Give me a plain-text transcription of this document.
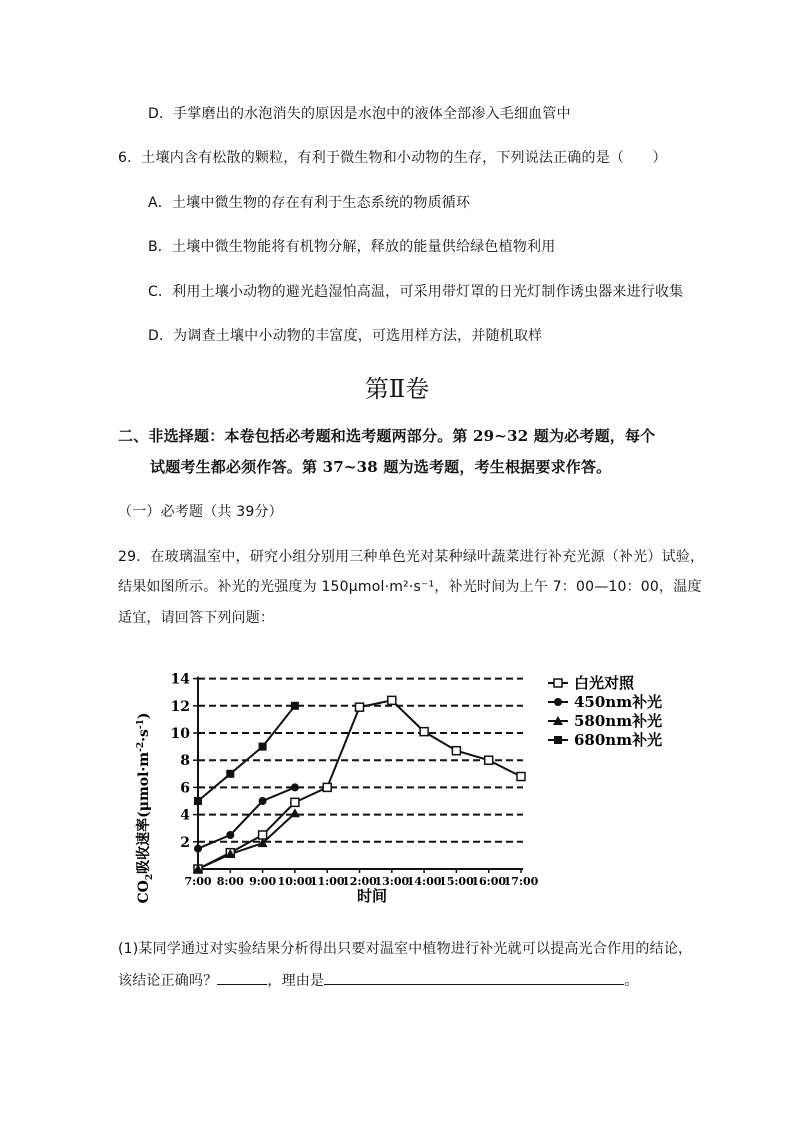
D．手掌磨出的水泡消失的原因是水泡中的液体全部渗入毛细血管中
6．土壤内含有松散的颗粒，有利于微生物和小动物的生存，下列说法正确的是（　　）
A．土壤中微生物的存在有利于生态系统的物质循环
B．土壤中微生物能将有机物分解，释放的能量供给绿色植物利用
C．利用土壤小动物的避光趋湿怕高温，可采用带灯罩的日光灯制作诱虫器来进行收集
D．为调查土壤中小动物的丰富度，可选用样方法，并随机取样
第Ⅱ卷
二、非选择题：本卷包括必考题和选考题两部分。第 29~32 题为必考题，每个
试题考生都必须作答。第 37~38 题为选考题，考生根据要求作答。
（一）必考题（共 39分）
29．在玻璃温室中，研究小组分别用三种单色光对某种绿叶蔬菜进行补充光源（补光）试验，
结果如图所示。补光的光强度为 150μmol·m²·s⁻¹，补光时间为上午 7：00—10：00，温度
适宜，请回答下列问题：
2
4
6
8
10
12
14
7:00 8:00 9:00 10:00
11:00
12:00
13:00
14:00
15:00
16:00
17:00
白光对照
450nm补光
580nm补光
680nm补光
时间
$CO_2$吸收速率$(\mu mol\cdot m^{-2}\cdot s^{-1})$
(1)某同学通过对实验结果分析得出只要对温室中植物进行补光就可以提高光合作用的结论，
该结论正确吗？	，理由是	。
